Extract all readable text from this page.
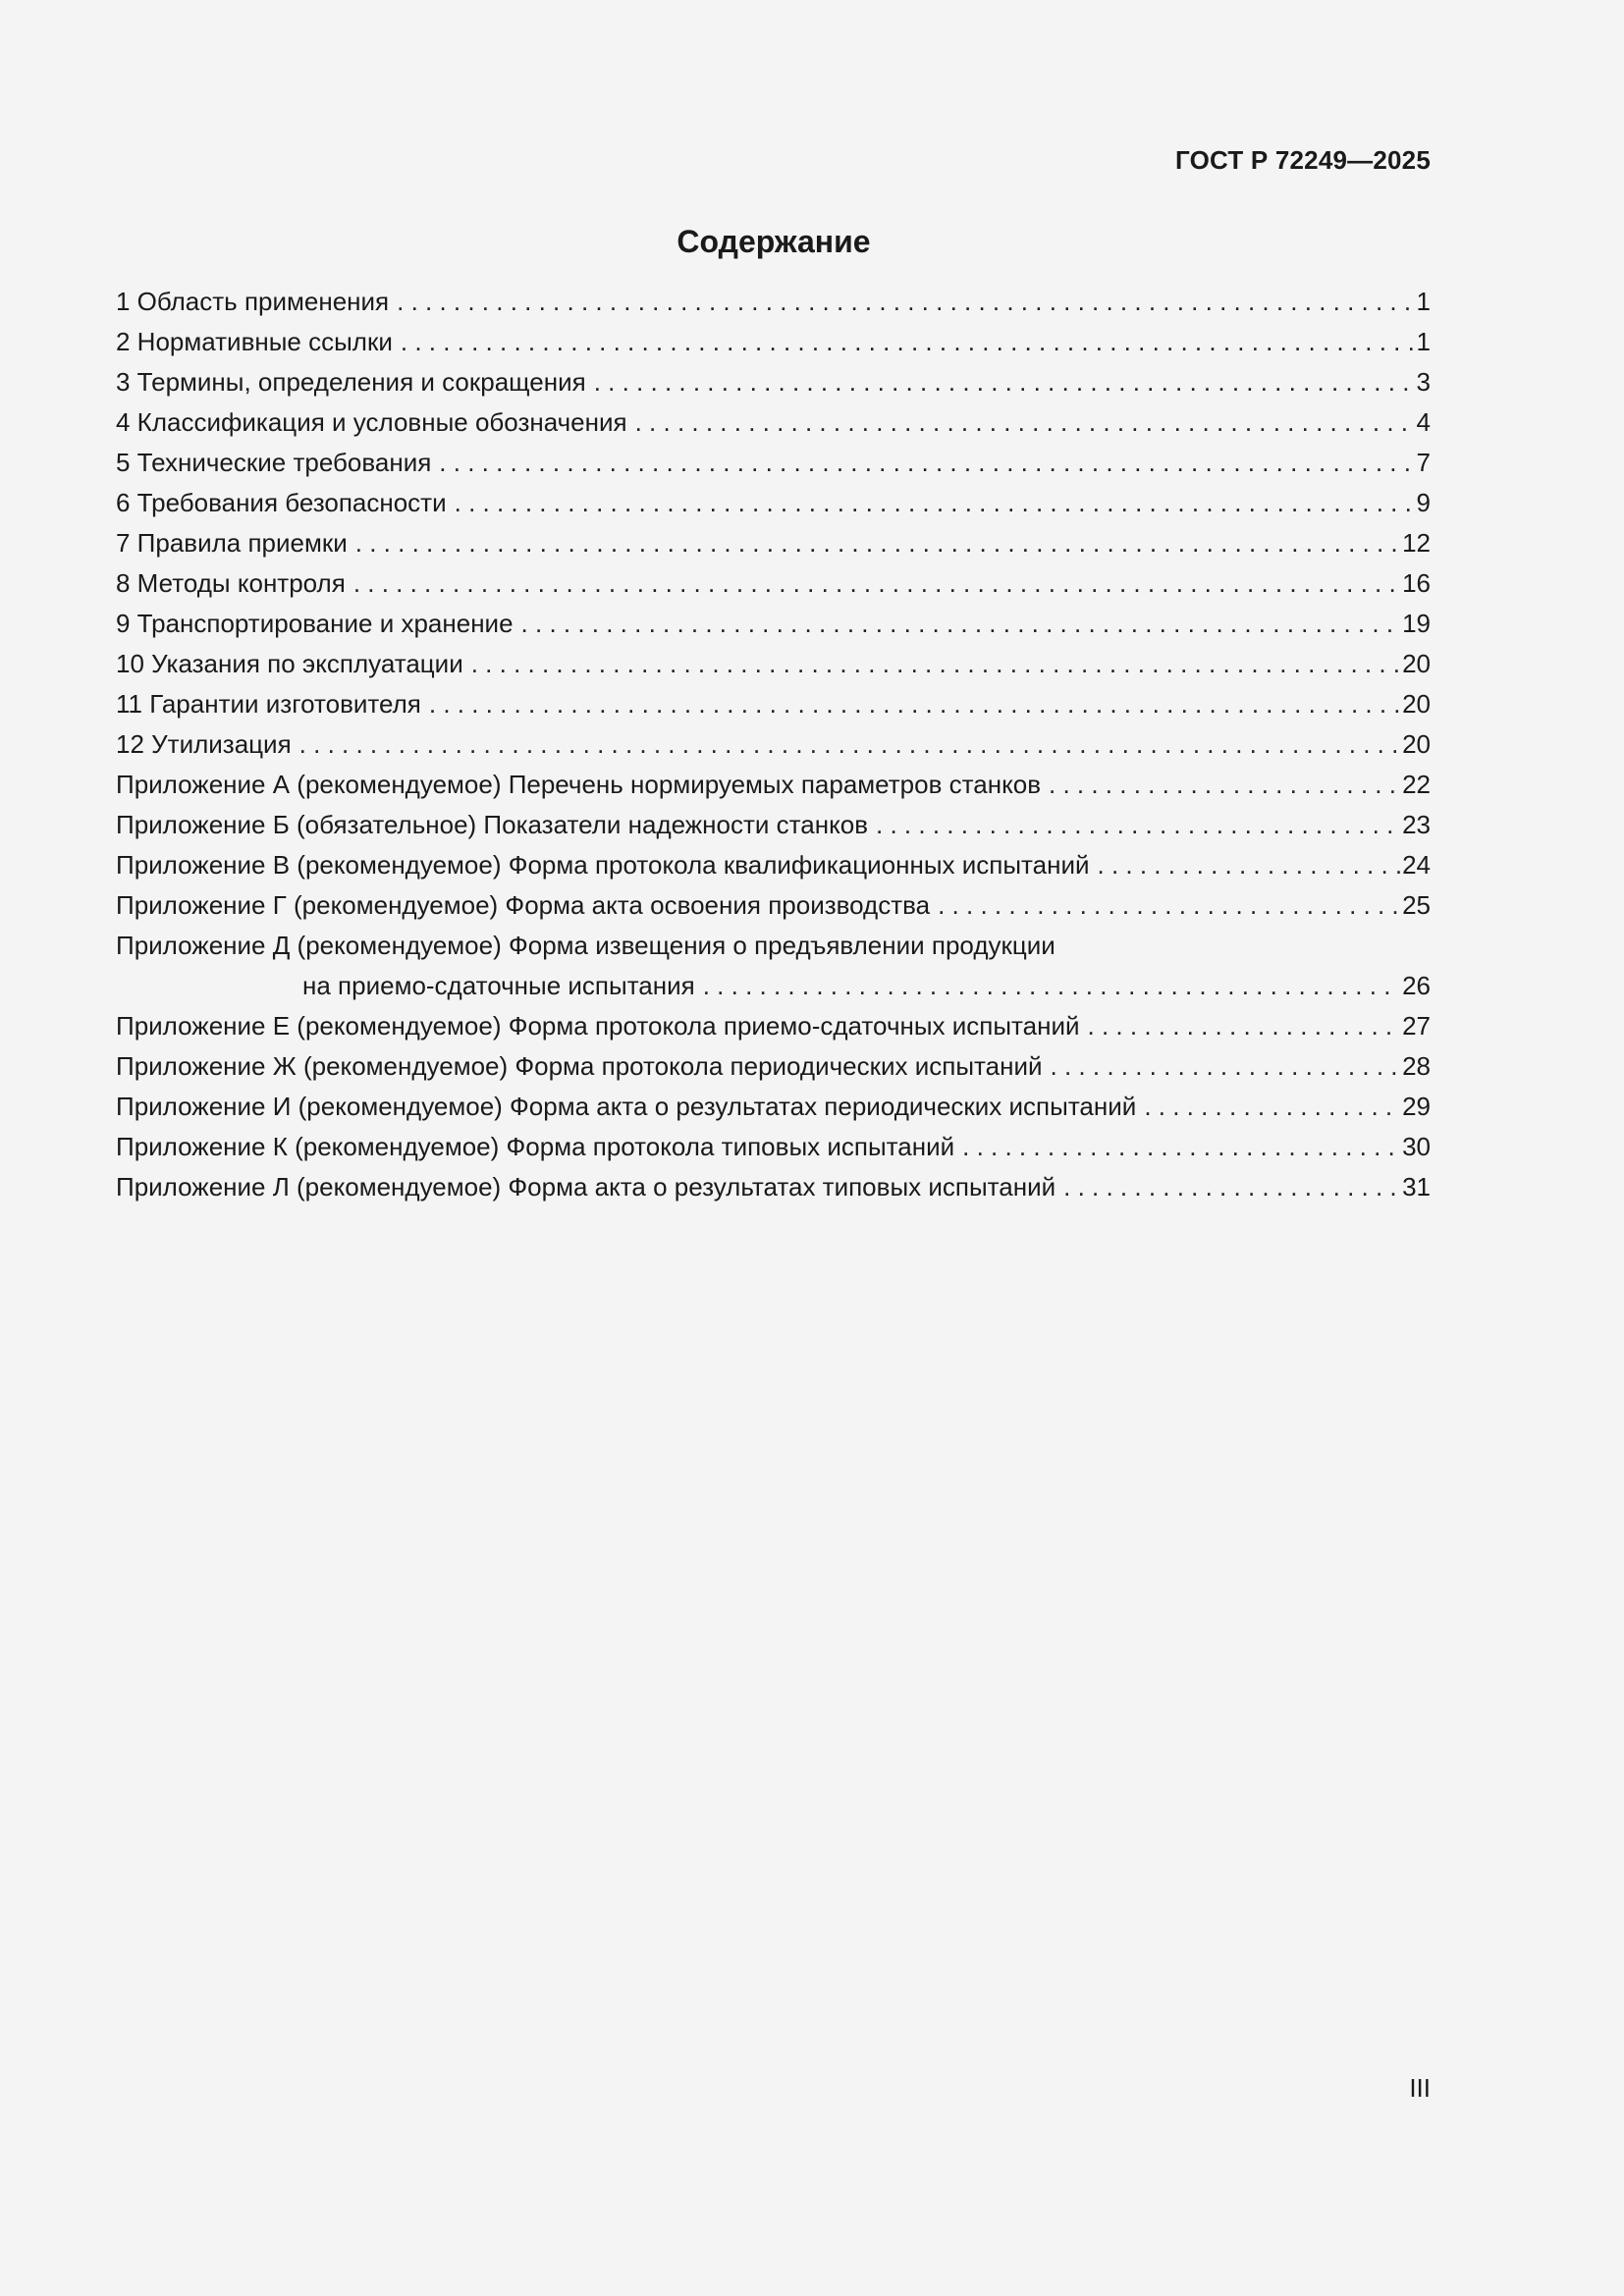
ГОСТ Р 72249—2025
Содержание
1 Область применения . . .	1
2 Нормативные ссылки . . .	1
3 Термины, определения и сокращения . . .	3
4 Классификация и условные обозначения . . .	4
5 Технические требования . . .	7
6 Требования безопасности . . .	9
7 Правила приемки . . .	12
8 Методы контроля . . .	16
9 Транспортирование и хранение . . .	19
10 Указания по эксплуатации . . .	20
11 Гарантии изготовителя . . .	20
12 Утилизация . . .	20
Приложение А (рекомендуемое) Перечень нормируемых параметров станков . . .	22
Приложение Б (обязательное) Показатели надежности станков . . .	23
Приложение В (рекомендуемое) Форма протокола квалификационных испытаний . . .	24
Приложение Г (рекомендуемое) Форма акта освоения производства . . .	25
Приложение Д (рекомендуемое) Форма извещения о предъявлении продукции
на приемо-сдаточные испытания . . .	26
Приложение Е (рекомендуемое) Форма протокола приемо-сдаточных испытаний . . .	27
Приложение Ж (рекомендуемое) Форма протокола периодических испытаний . . .	28
Приложение И (рекомендуемое) Форма акта о результатах периодических испытаний . . .	29
Приложение К (рекомендуемое) Форма протокола типовых испытаний . . .	30
Приложение Л (рекомендуемое) Форма акта о результатах типовых испытаний . . .	31
III
